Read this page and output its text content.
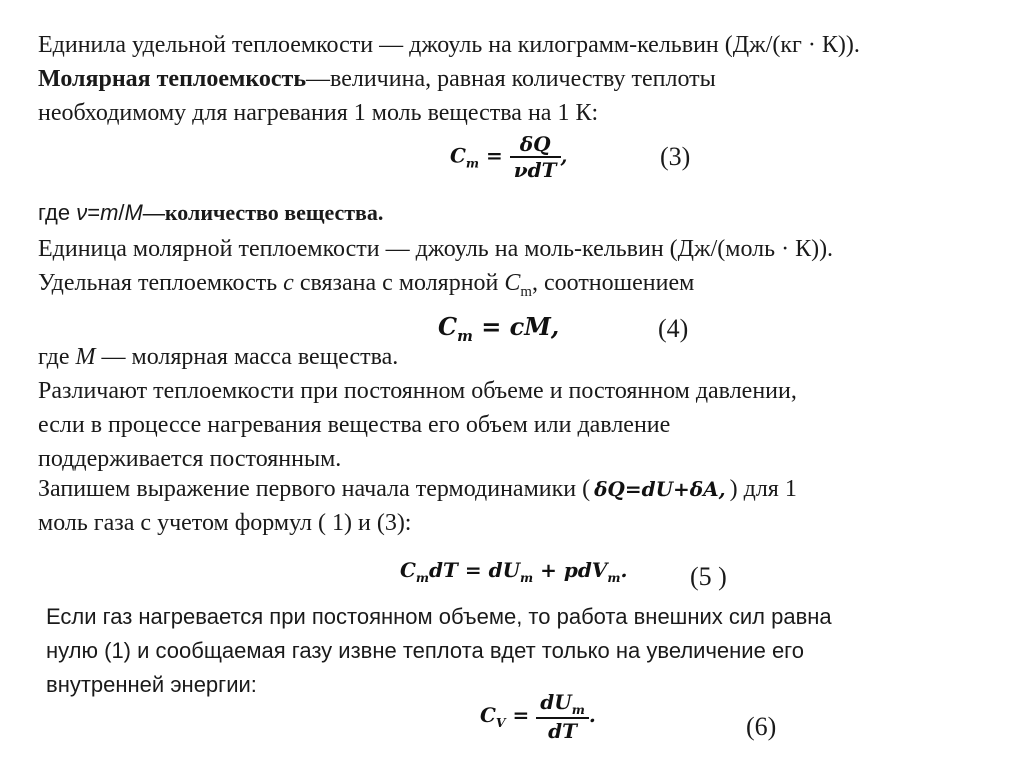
Единила удельной теплоемкости — джоуль на килограмм-кельвин (Дж/(кг · К)).
Молярная теплоемкость—величина, равная количеству теплоты
необходимому для нагревания 1 моль вещества на 1 К:
$C_m = \frac{\delta Q}{\text{νdT}}$ ,	(3)
где ν=m/M—количество вещества.
Единица молярной теплоемкости — джоуль на моль-кельвин (Дж/(моль · К)).
Удельная теплоемкость с связана с молярной $C_m$, соотношением
$C_m$ = cM,	(4)
где M — молярная масса вещества.
Различают теплоемкости при постоянном объеме и постоянном давлении,
если в процессе нагревания вещества его объем или давление
поддерживается постоянным.
Запишем выражение первого начала термодинамики ( δQ=dU+δA, ) для 1
моль газа с учетом формул ( 1) и (3):
$C_mdT = dU_m + pdV_m$. (5 )
Если газ нагревается при постоянном объеме, то работа внешних сил равна
нулю (1) и сообщаемая газу извне теплота вдет только на увеличение его
внутренней энергии:
$C_V = \frac{dU_m}{dT}$ .	(6)
